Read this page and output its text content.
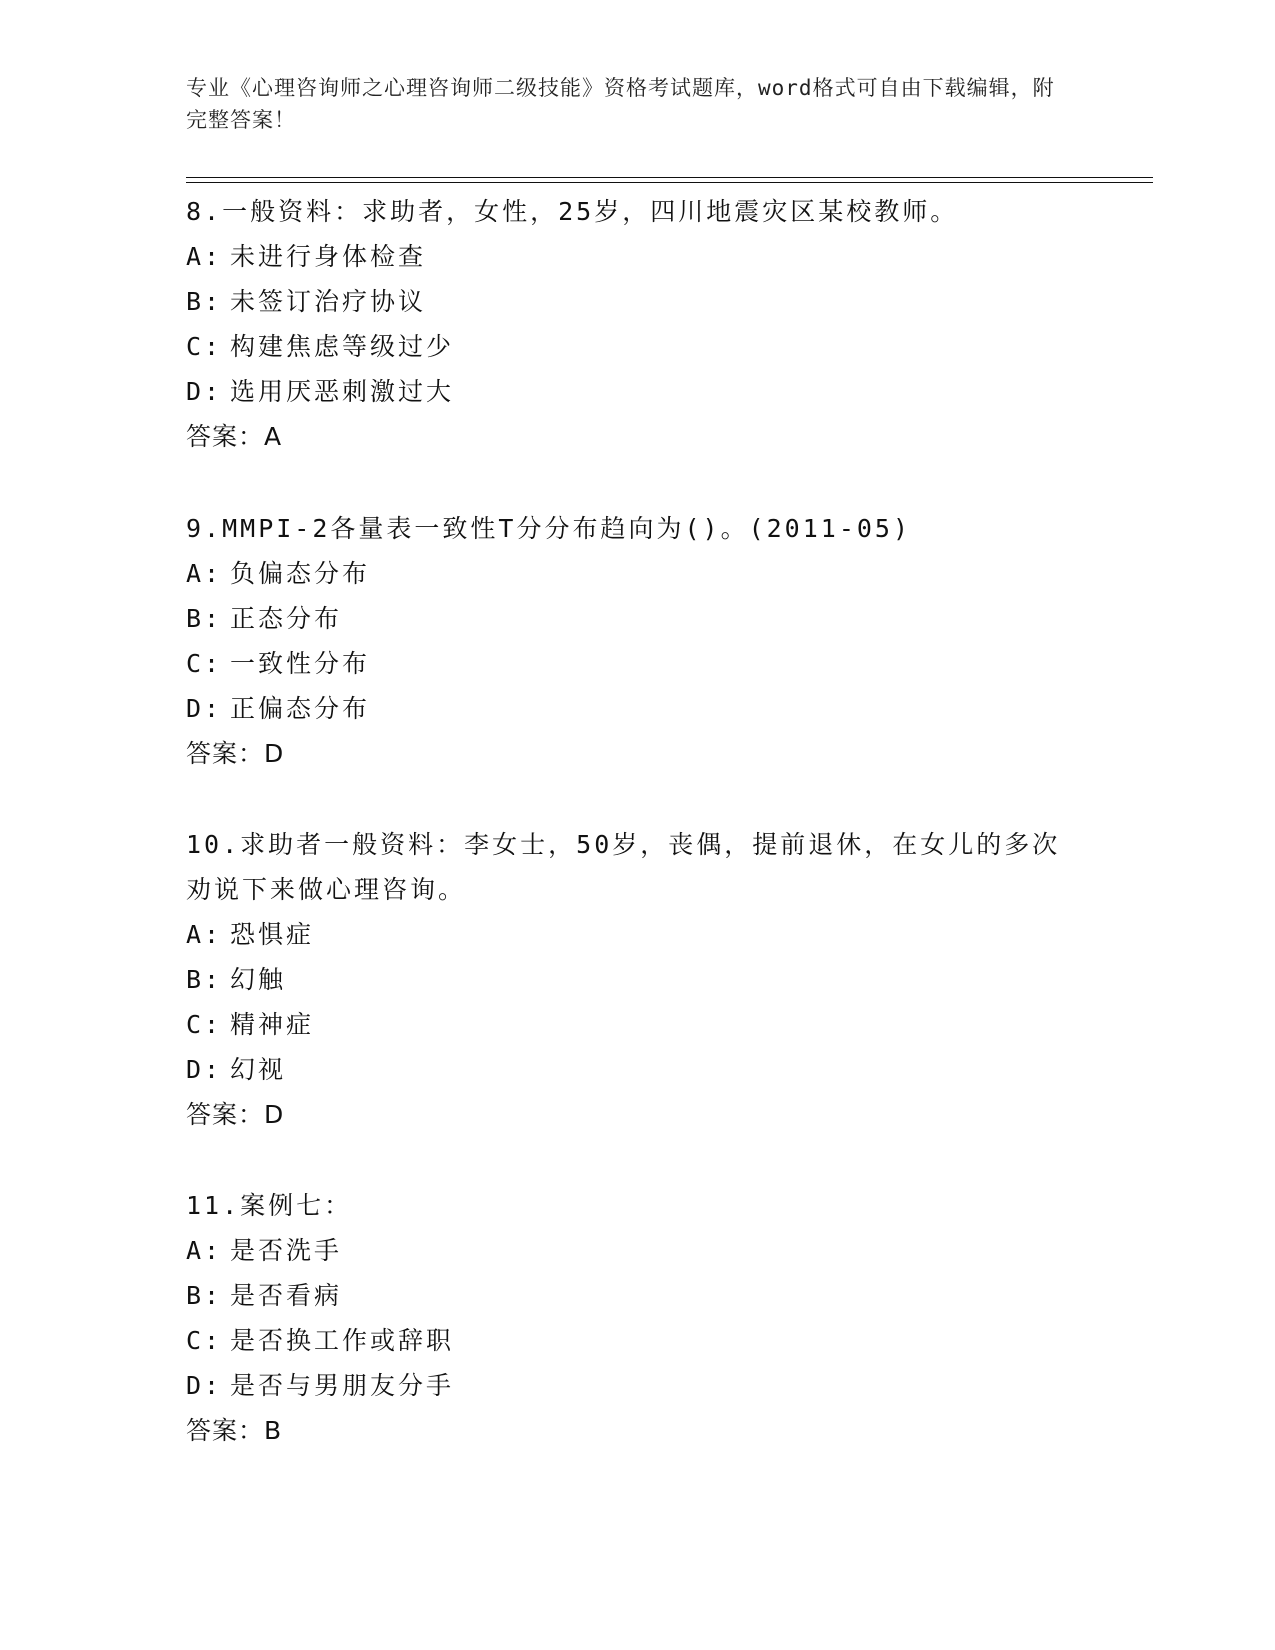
专业《心理咨询师之心理咨询师二级技能》资格考试题库，word格式可自由下载编辑，附完整答案！

8.一般资料：求助者，女性，25岁，四川地震灾区某校教师。

A: 未进行身体检查
B: 未签订治疗协议
C: 构建焦虑等级过少
D: 选用厌恶刺激过大
答案：A

9.MMPI-2各量表一致性T分分布趋向为()。(2011-05)

A: 负偏态分布
B: 正态分布
C: 一致性分布
D: 正偏态分布
答案：D

10.求助者一般资料：李女士，50岁，丧偶，提前退休，在女儿的多次劝说下来做心理咨询。

A: 恐惧症
B: 幻触
C: 精神症
D: 幻视
答案：D

11.案例七：

A: 是否洗手
B: 是否看病
C: 是否换工作或辞职
D: 是否与男朋友分手
答案：B
